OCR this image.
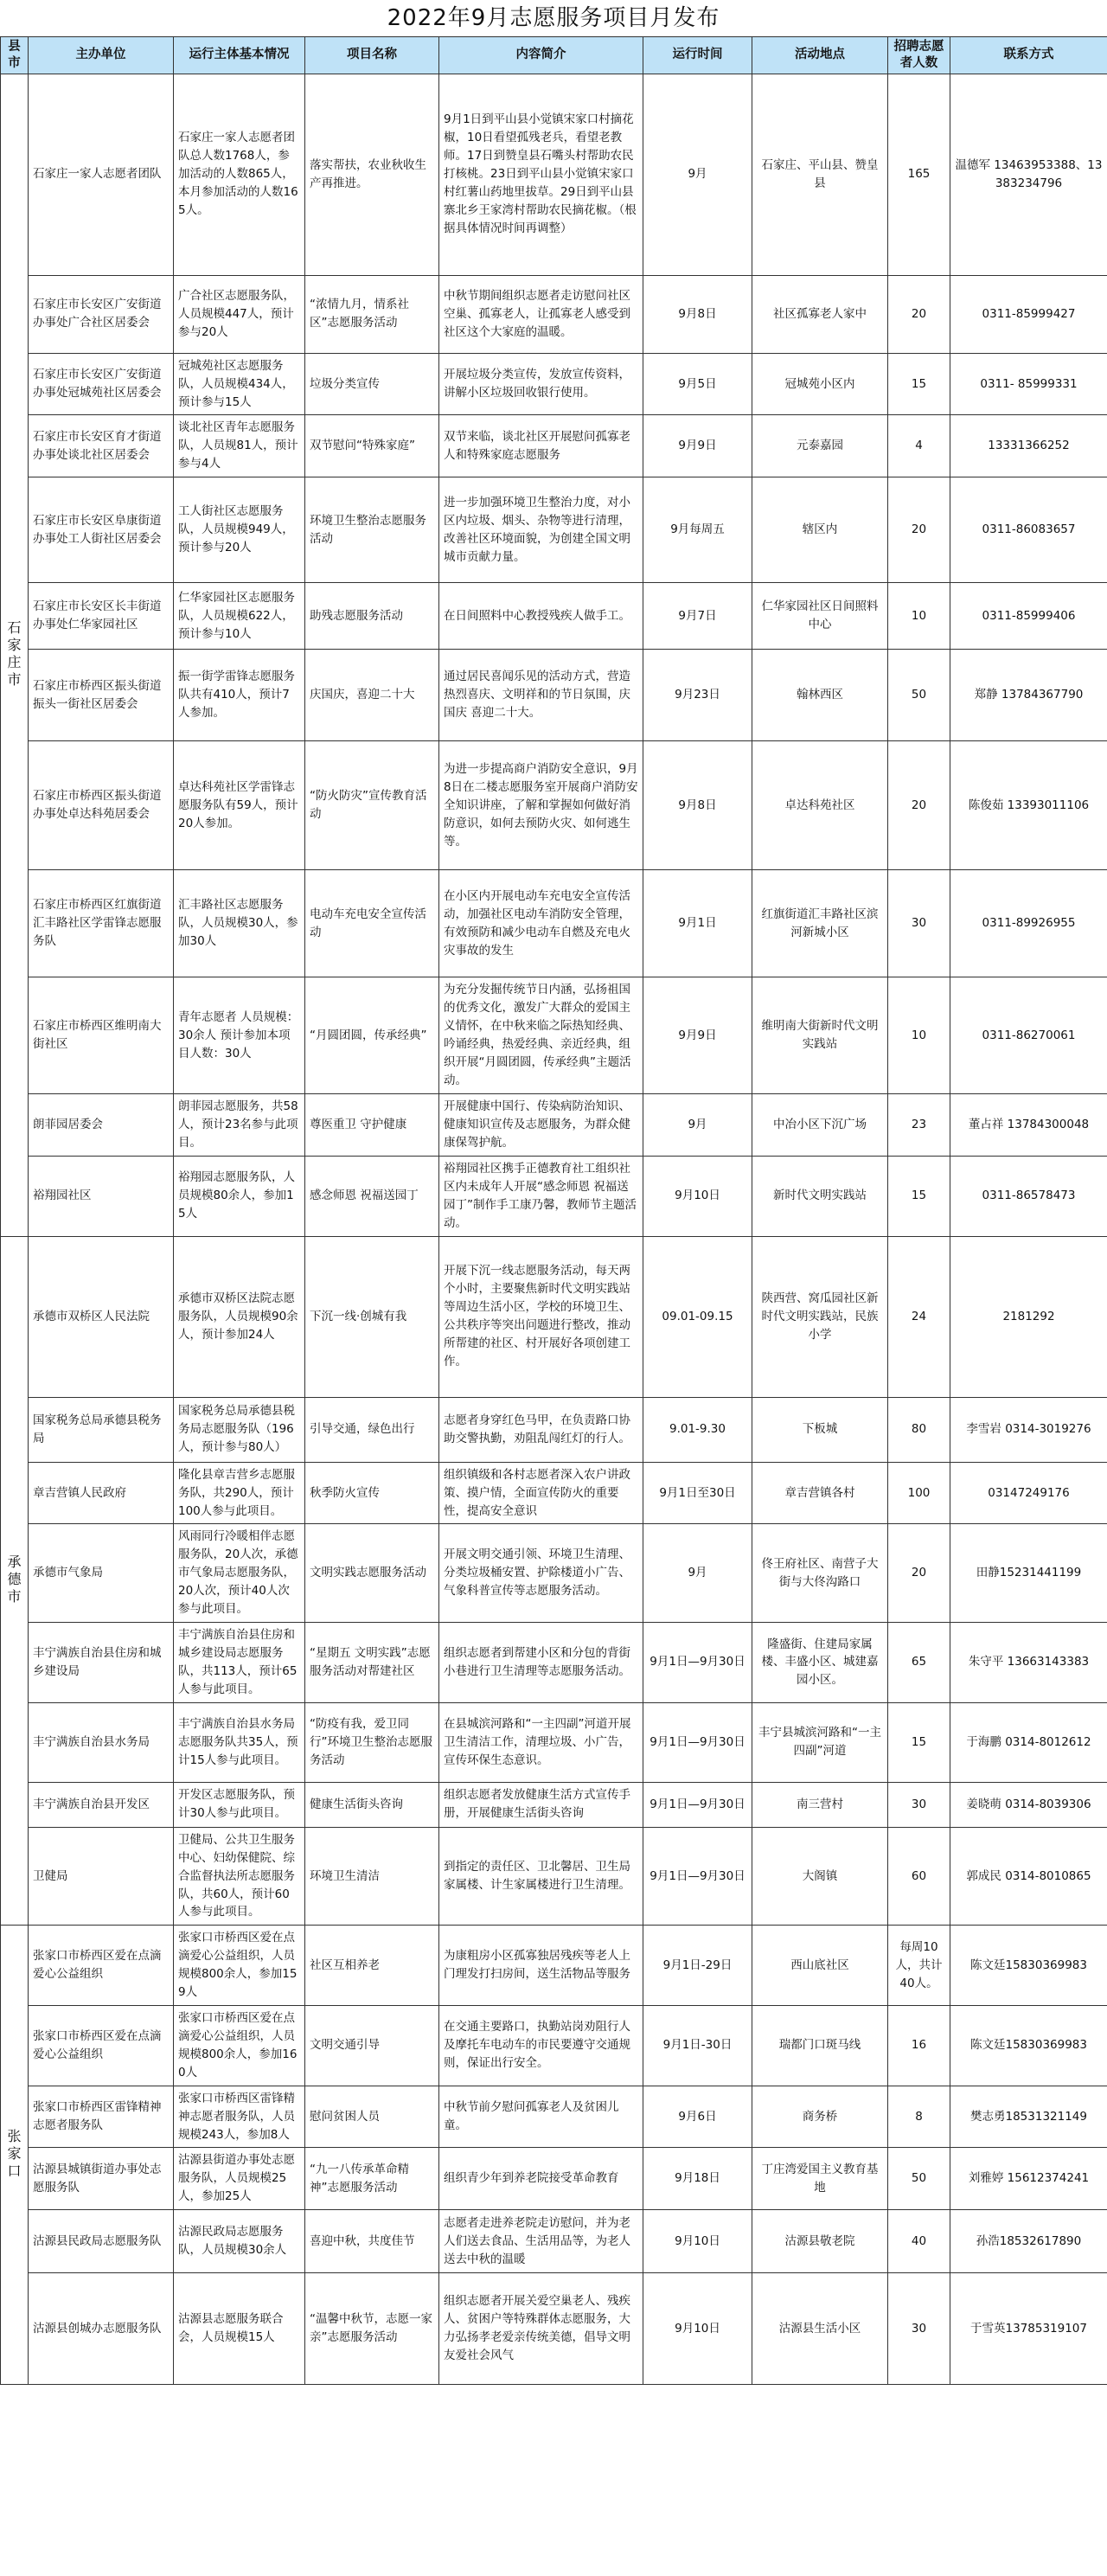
2022年9月志愿服务项目月发布
县市	主办单位	运行主体基本情况	项目名称	内容简介	运行时间	活动地点	招聘志愿者人数	联系方式
石家庄市	石家庄一家人志愿者团队	石家庄一家人志愿者团队总人数1768人，参加活动的人数865人，本月参加活动的人数165人。	落实帮扶，农业秋收生产再推进。	9月1日到平山县小觉镇宋家口村摘花椒，10日看望孤残老兵，看望老教师。17日到赞皇县石嘴头村帮助农民打核桃。23日到平山县小觉镇宋家口村红薯山药地里拔草。29日到平山县寨北乡王家湾村帮助农民摘花椒。（根据具体情况时间再调整）	9月	石家庄、平山县、赞皇县	165	温德军 13463953388、13383234796
	石家庄市长安区广安街道办事处广合社区居委会	广合社区志愿服务队，人员规模447人，预计参与20人	“浓情九月，情系社区”志愿服务活动	中秋节期间组织志愿者走访慰问社区空巢、孤寡老人，让孤寡老人感受到社区这个大家庭的温暖。	9月8日	社区孤寡老人家中	20	0311-85999427
	石家庄市长安区广安街道办事处冠城苑社区居委会	冠城苑社区志愿服务队，人员规模434人，预计参与15人	垃圾分类宣传	开展垃圾分类宣传，发放宣传资料，讲解小区垃圾回收银行使用。	9月5日	冠城苑小区内	15	0311- 85999331
	石家庄市长安区育才街道办事处谈北社区居委会	谈北社区青年志愿服务队，人员规81人，预计参与4人	双节慰问“特殊家庭”	双节来临，谈北社区开展慰问孤寡老人和特殊家庭志愿服务	9月9日	元泰嘉园	4	13331366252
	石家庄市长安区阜康街道办事处工人街社区居委会	工人街社区志愿服务队，人员规模949人，预计参与20人	环境卫生整治志愿服务活动	进一步加强环境卫生整治力度，对小区内垃圾、烟头、杂物等进行清理，改善社区环境面貌，为创建全国文明城市贡献力量。	9月每周五	辖区内	20	0311-86083657
	石家庄市长安区长丰街道办事处仁华家园社区	仁华家园社区志愿服务队，人员规模622人，预计参与10人	助残志愿服务活动	在日间照料中心教授残疾人做手工。	9月7日	仁华家园社区日间照料中心	10	0311-85999406
	石家庄市桥西区振头街道振头一街社区居委会	振一街学雷锋志愿服务队共有410人，预计7人参加。	庆国庆，喜迎二十大	通过居民喜闻乐见的活动方式，营造热烈喜庆、文明祥和的节日氛围，庆国庆 喜迎二十大。	9月23日	翰林西区	50	郑静 13784367790
	石家庄市桥西区振头街道办事处卓达科苑居委会	卓达科苑社区学雷锋志愿服务队有59人，预计20人参加。	“防火防灾”宣传教育活动	为进一步提高商户消防安全意识，9月8日在二楼志愿服务室开展商户消防安全知识讲座，了解和掌握如何做好消防意识，如何去预防火灾、如何逃生等。	9月8日	卓达科苑社区	20	陈俊茹 13393011106
	石家庄市桥西区红旗街道汇丰路社区学雷锋志愿服务队	汇丰路社区志愿服务队，人员规模30人，参加30人	电动车充电安全宣传活动	在小区内开展电动车充电安全宣传活动，加强社区电动车消防安全管理，有效预防和减少电动车自燃及充电火灾事故的发生	9月1日	红旗街道汇丰路社区滨河新城小区	30	0311-89926955
	石家庄市桥西区维明南大街社区	青年志愿者 人员规模：30余人 预计参加本项目人数：30人	“月圆团圆，传承经典”	为充分发掘传统节日内涵，弘扬祖国的优秀文化，激发广大群众的爱国主义情怀，在中秋来临之际热知经典、吟诵经典，热爱经典、亲近经典，组织开展“月圆团圆，传承经典”主题活动。	9月9日	维明南大街新时代文明实践站	10	0311-86270061
	朗菲园居委会	朗菲园志愿服务，共58人，预计23名参与此项目。	尊医重卫 守护健康	开展健康中国行、传染病防治知识、健康知识宣传及志愿服务，为群众健康保驾护航。	9月	中冶小区下沉广场	23	董占祥 13784300048
	裕翔园社区	裕翔园志愿服务队，人员规模80余人，参加15人	感念师恩 祝福送园丁	裕翔园社区携手正德教育社工组织社区内未成年人开展“感念师恩 祝福送园丁”制作手工康乃馨，教师节主题活动。	9月10日	新时代文明实践站	15	0311-86578473
承德市	承德市双桥区人民法院	承德市双桥区法院志愿服务队，人员规模90余人，预计参加24人	下沉一线·创城有我	开展下沉一线志愿服务活动，每天两个小时，主要聚焦新时代文明实践站等周边生活小区，学校的环境卫生、公共秩序等突出问题进行整改，推动所帮建的社区、村开展好各项创建工作。	09.01-09.15	陕西营、窝瓜园社区新时代文明实践站，民族小学	24	2181292
	国家税务总局承德县税务局	国家税务总局承德县税务局志愿服务队（196人，预计参与80人）	引导交通，绿色出行	志愿者身穿红色马甲，在负责路口协助交警执勤，劝阻乱闯红灯的行人。	9.01-9.30	下板城	80	李雪岩 0314-3019276
	章吉营镇人民政府	隆化县章吉营乡志愿服务队，共290人，预计100人参与此项目。	秋季防火宣传	组织镇级和各村志愿者深入农户讲政策、摸户情，全面宣传防火的重要性，提高安全意识	9月1日至30日	章吉营镇各村	100	03147249176
	承德市气象局	风雨同行冷暖相伴志愿服务队，20人次，承德市气象局志愿服务队，20人次，预计40人次参与此项目。	文明实践志愿服务活动	开展文明交通引领、环境卫生清理、分类垃圾桶安置、护除楼道小广告、气象科普宣传等志愿服务活动。	9月	佟王府社区、南营子大街与大佟沟路口	20	田静15231441199
	丰宁满族自治县住房和城乡建设局	丰宁满族自治县住房和城乡建设局志愿服务队，共113人，预计65人参与此项目。	“星期五 文明实践”志愿服务活动对帮建社区	组织志愿者到帮建小区和分包的背街小巷进行卫生清理等志愿服务活动。	9月1日—9月30日	隆盛街、住建局家属楼、丰盛小区、城建嘉园小区。	65	朱守平 13663143383
	丰宁满族自治县水务局	丰宁满族自治县水务局志愿服务队共35人，预计15人参与此项目。	“防疫有我，爱卫同行”环境卫生整治志愿服务活动	在县城滨河路和“一主四副”河道开展卫生清洁工作，清理垃圾、小广告，宣传环保生态意识。	9月1日—9月30日	丰宁县城滨河路和“一主四副”河道	15	于海鹏 0314-8012612
	丰宁满族自治县开发区	开发区志愿服务队，预计30人参与此项目。	健康生活街头咨询	组织志愿者发放健康生活方式宣传手册，开展健康生活街头咨询	9月1日—9月30日	南三营村	30	姜晓萌 0314-8039306
	卫健局	卫健局、公共卫生服务中心、妇幼保健院、综合监督执法所志愿服务队，共60人，预计60人参与此项目。	环境卫生清洁	到指定的责任区、卫北馨居、卫生局家属楼、计生家属楼进行卫生清理。	9月1日—9月30日	大阁镇	60	郭成民 0314-8010865
张家口	张家口市桥西区爱在点滴爱心公益组织	张家口市桥西区爱在点滴爱心公益组织，人员规模800余人，参加159人	社区互相养老	为康粗房小区孤寡独居残疾等老人上门理发打扫房间，送生活物品等服务	9月1日-29日	西山底社区	每周10人，共计40人。	陈文廷15830369983
	张家口市桥西区爱在点滴爱心公益组织	张家口市桥西区爱在点滴爱心公益组织，人员规模800余人，参加160人	文明交通引导	在交通主要路口，执勤站岗劝阻行人及摩托车电动车的市民要遵守交通规则，保证出行安全。	9月1日-30日	瑞都门口斑马线	16	陈文廷15830369983
	张家口市桥西区雷锋精神志愿者服务队	张家口市桥西区雷锋精神志愿者服务队，人员规模243人，参加8人	慰问贫困人员	中秋节前夕慰问孤寡老人及贫困儿童。	9月6日	商务桥	8	樊志勇18531321149
	沽源县城镇街道办事处志愿服务队	沽源县街道办事处志愿服务队，人员规模25人，参加25人	“九一八传承革命精神”志愿服务活动	组织青少年到养老院接受革命教育	9月18日	丁庄湾爱国主义教育基地	50	刘雅婷 15612374241
	沽源县民政局志愿服务队	沽源民政局志愿服务队，人员规模30余人	喜迎中秋，共度佳节	志愿者走进养老院走访慰问，并为老人们送去食品、生活用品等，为老人送去中秋的温暖	9月10日	沽源县敬老院	40	孙浩18532617890
	沽源县创城办志愿服务队	沽源县志愿服务联合会，人员规模15人	“温馨中秋节，志愿一家亲”志愿服务活动	组织志愿者开展关爱空巢老人、残疾人、贫困户等特殊群体志愿服务，大力弘扬孝老爱亲传统美德，倡导文明友爱社会风气	9月10日	沽源县生活小区	30	于雪英13785319107
